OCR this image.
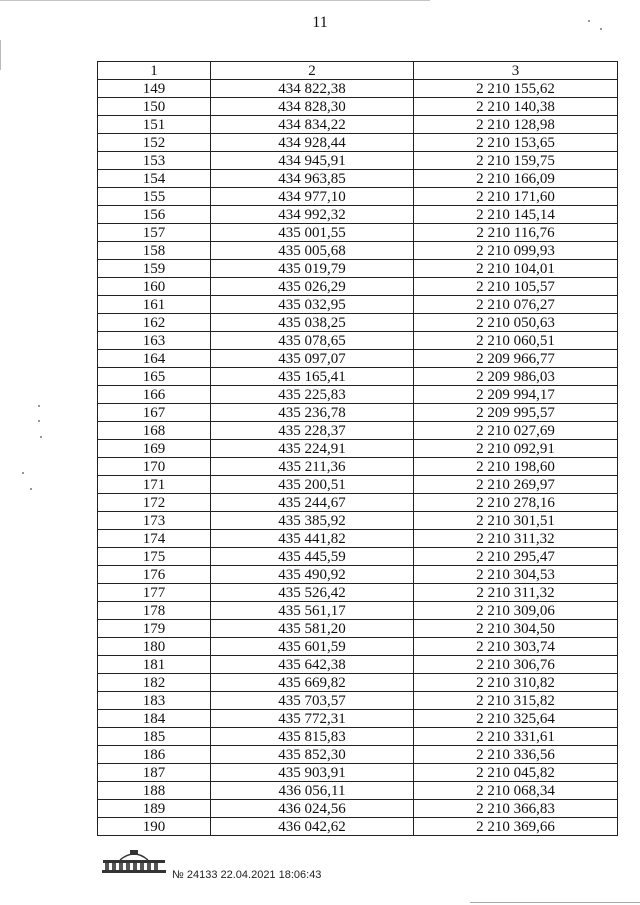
11
1	2	3
149	434 822,38	2 210 155,62
150	434 828,30	2 210 140,38
151	434 834,22	2 210 128,98
152	434 928,44	2 210 153,65
153	434 945,91	2 210 159,75
154	434 963,85	2 210 166,09
155	434 977,10	2 210 171,60
156	434 992,32	2 210 145,14
157	435 001,55	2 210 116,76
158	435 005,68	2 210 099,93
159	435 019,79	2 210 104,01
160	435 026,29	2 210 105,57
161	435 032,95	2 210 076,27
162	435 038,25	2 210 050,63
163	435 078,65	2 210 060,51
164	435 097,07	2 209 966,77
165	435 165,41	2 209 986,03
166	435 225,83	2 209 994,17
167	435 236,78	2 209 995,57
168	435 228,37	2 210 027,69
169	435 224,91	2 210 092,91
170	435 211,36	2 210 198,60
171	435 200,51	2 210 269,97
172	435 244,67	2 210 278,16
173	435 385,92	2 210 301,51
174	435 441,82	2 210 311,32
175	435 445,59	2 210 295,47
176	435 490,92	2 210 304,53
177	435 526,42	2 210 311,32
178	435 561,17	2 210 309,06
179	435 581,20	2 210 304,50
180	435 601,59	2 210 303,74
181	435 642,38	2 210 306,76
182	435 669,82	2 210 310,82
183	435 703,57	2 210 315,82
184	435 772,31	2 210 325,64
185	435 815,83	2 210 331,61
186	435 852,30	2 210 336,56
187	435 903,91	2 210 045,82
188	436 056,11	2 210 068,34
189	436 024,56	2 210 366,83
190	436 042,62	2 210 369,66
№ 24133 22.04.2021 18:06:43
